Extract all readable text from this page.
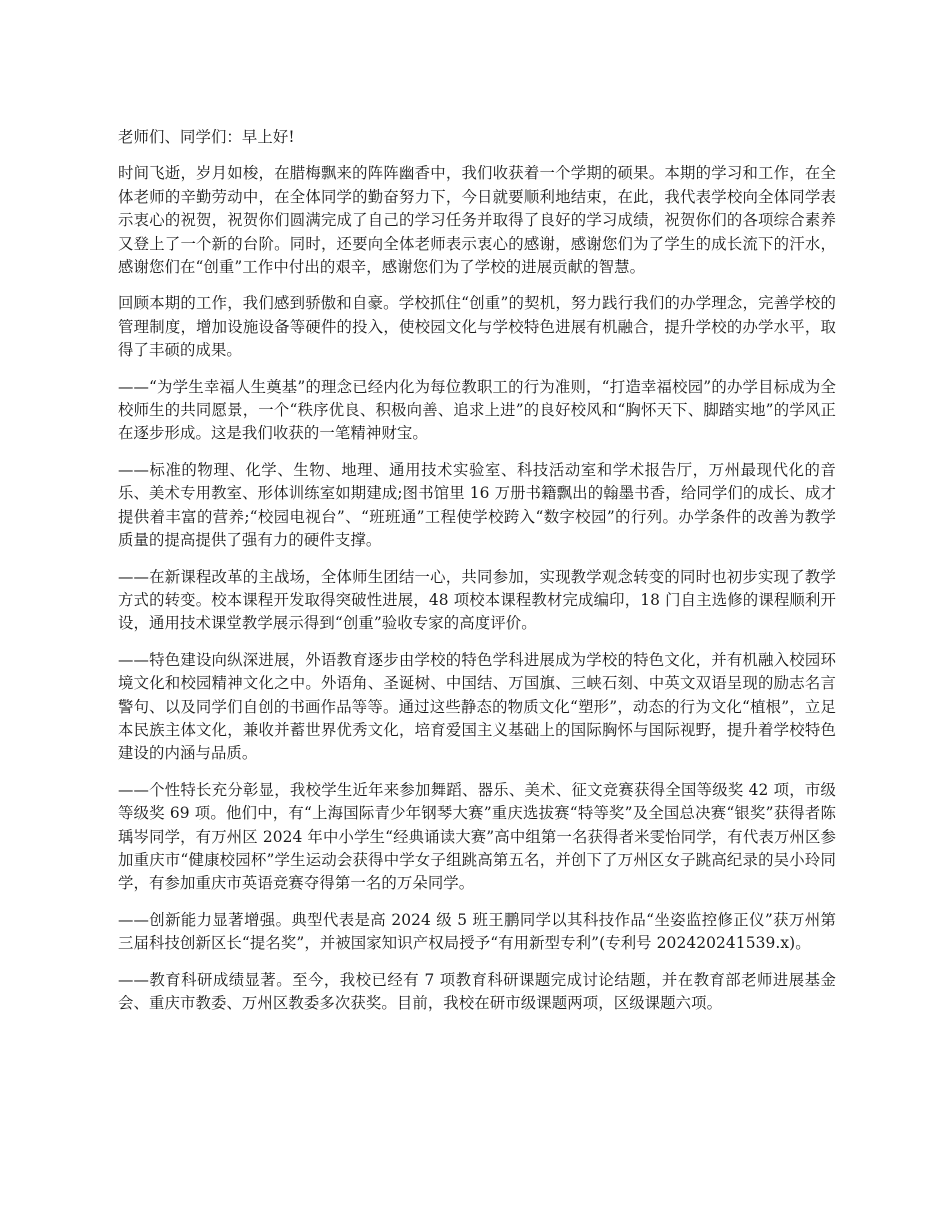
老师们、同学们：早上好!

时间飞逝，岁月如梭，在腊梅飘来的阵阵幽香中，我们收获着一个学期的硕果。本期的学习和工作，在全体老师的辛勤劳动中，在全体同学的勤奋努力下，今日就要顺利地结束，在此，我代表学校向全体同学表示衷心的祝贺，祝贺你们圆满完成了自己的学习任务并取得了良好的学习成绩，祝贺你们的各项综合素养又登上了一个新的台阶。同时，还要向全体老师表示衷心的感谢，感谢您们为了学生的成长流下的汗水，感谢您们在“创重”工作中付出的艰辛，感谢您们为了学校的进展贡献的智慧。

回顾本期的工作，我们感到骄傲和自豪。学校抓住“创重”的契机，努力践行我们的办学理念，完善学校的管理制度，增加设施设备等硬件的投入，使校园文化与学校特色进展有机融合，提升学校的办学水平，取得了丰硕的成果。

——“为学生幸福人生奠基”的理念已经内化为每位教职工的行为准则，“打造幸福校园”的办学目标成为全校师生的共同愿景，一个“秩序优良、积极向善、追求上进”的良好校风和“胸怀天下、脚踏实地”的学风正在逐步形成。这是我们收获的一笔精神财宝。

——标准的物理、化学、生物、地理、通用技术实验室、科技活动室和学术报告厅，万州最现代化的音乐、美术专用教室、形体训练室如期建成;图书馆里 16 万册书籍飘出的翰墨书香，给同学们的成长、成才提供着丰富的营养;“校园电视台”、“班班通”工程使学校跨入“数字校园”的行列。办学条件的改善为教学质量的提高提供了强有力的硬件支撑。

——在新课程改革的主战场，全体师生团结一心，共同参加，实现教学观念转变的同时也初步实现了教学方式的转变。校本课程开发取得突破性进展，48 项校本课程教材完成编印，18 门自主选修的课程顺利开设，通用技术课堂教学展示得到“创重”验收专家的高度评价。

——特色建设向纵深进展，外语教育逐步由学校的特色学科进展成为学校的特色文化，并有机融入校园环境文化和校园精神文化之中。外语角、圣诞树、中国结、万国旗、三峡石刻、中英文双语呈现的励志名言警句、以及同学们自创的书画作品等等。通过这些静态的物质文化“塑形”，动态的行为文化“植根”，立足本民族主体文化，兼收并蓄世界优秀文化，培育爱国主义基础上的国际胸怀与国际视野，提升着学校特色建设的内涵与品质。

——个性特长充分彰显，我校学生近年来参加舞蹈、器乐、美术、征文竞赛获得全国等级奖 42 项，市级等级奖 69 项。他们中，有“上海国际青少年钢琴大赛”重庆选拔赛“特等奖”及全国总决赛“银奖”获得者陈瑀岑同学，有万州区 2024 年中小学生“经典诵读大赛”高中组第一名获得者米雯怡同学，有代表万州区参加重庆市“健康校园杯”学生运动会获得中学女子组跳高第五名，并创下了万州区女子跳高纪录的吴小玲同学，有参加重庆市英语竞赛夺得第一名的万朵同学。

——创新能力显著增强。典型代表是高 2024 级 5 班王鹏同学以其科技作品“坐姿监控修正仪”获万州第三届科技创新区长“提名奖”，并被国家知识产权局授予“有用新型专利”(专利号 202420241539.x)。

——教育科研成绩显著。至今，我校已经有 7 项教育科研课题完成讨论结题，并在教育部老师进展基金会、重庆市教委、万州区教委多次获奖。目前，我校在研市级课题两项，区级课题六项。
